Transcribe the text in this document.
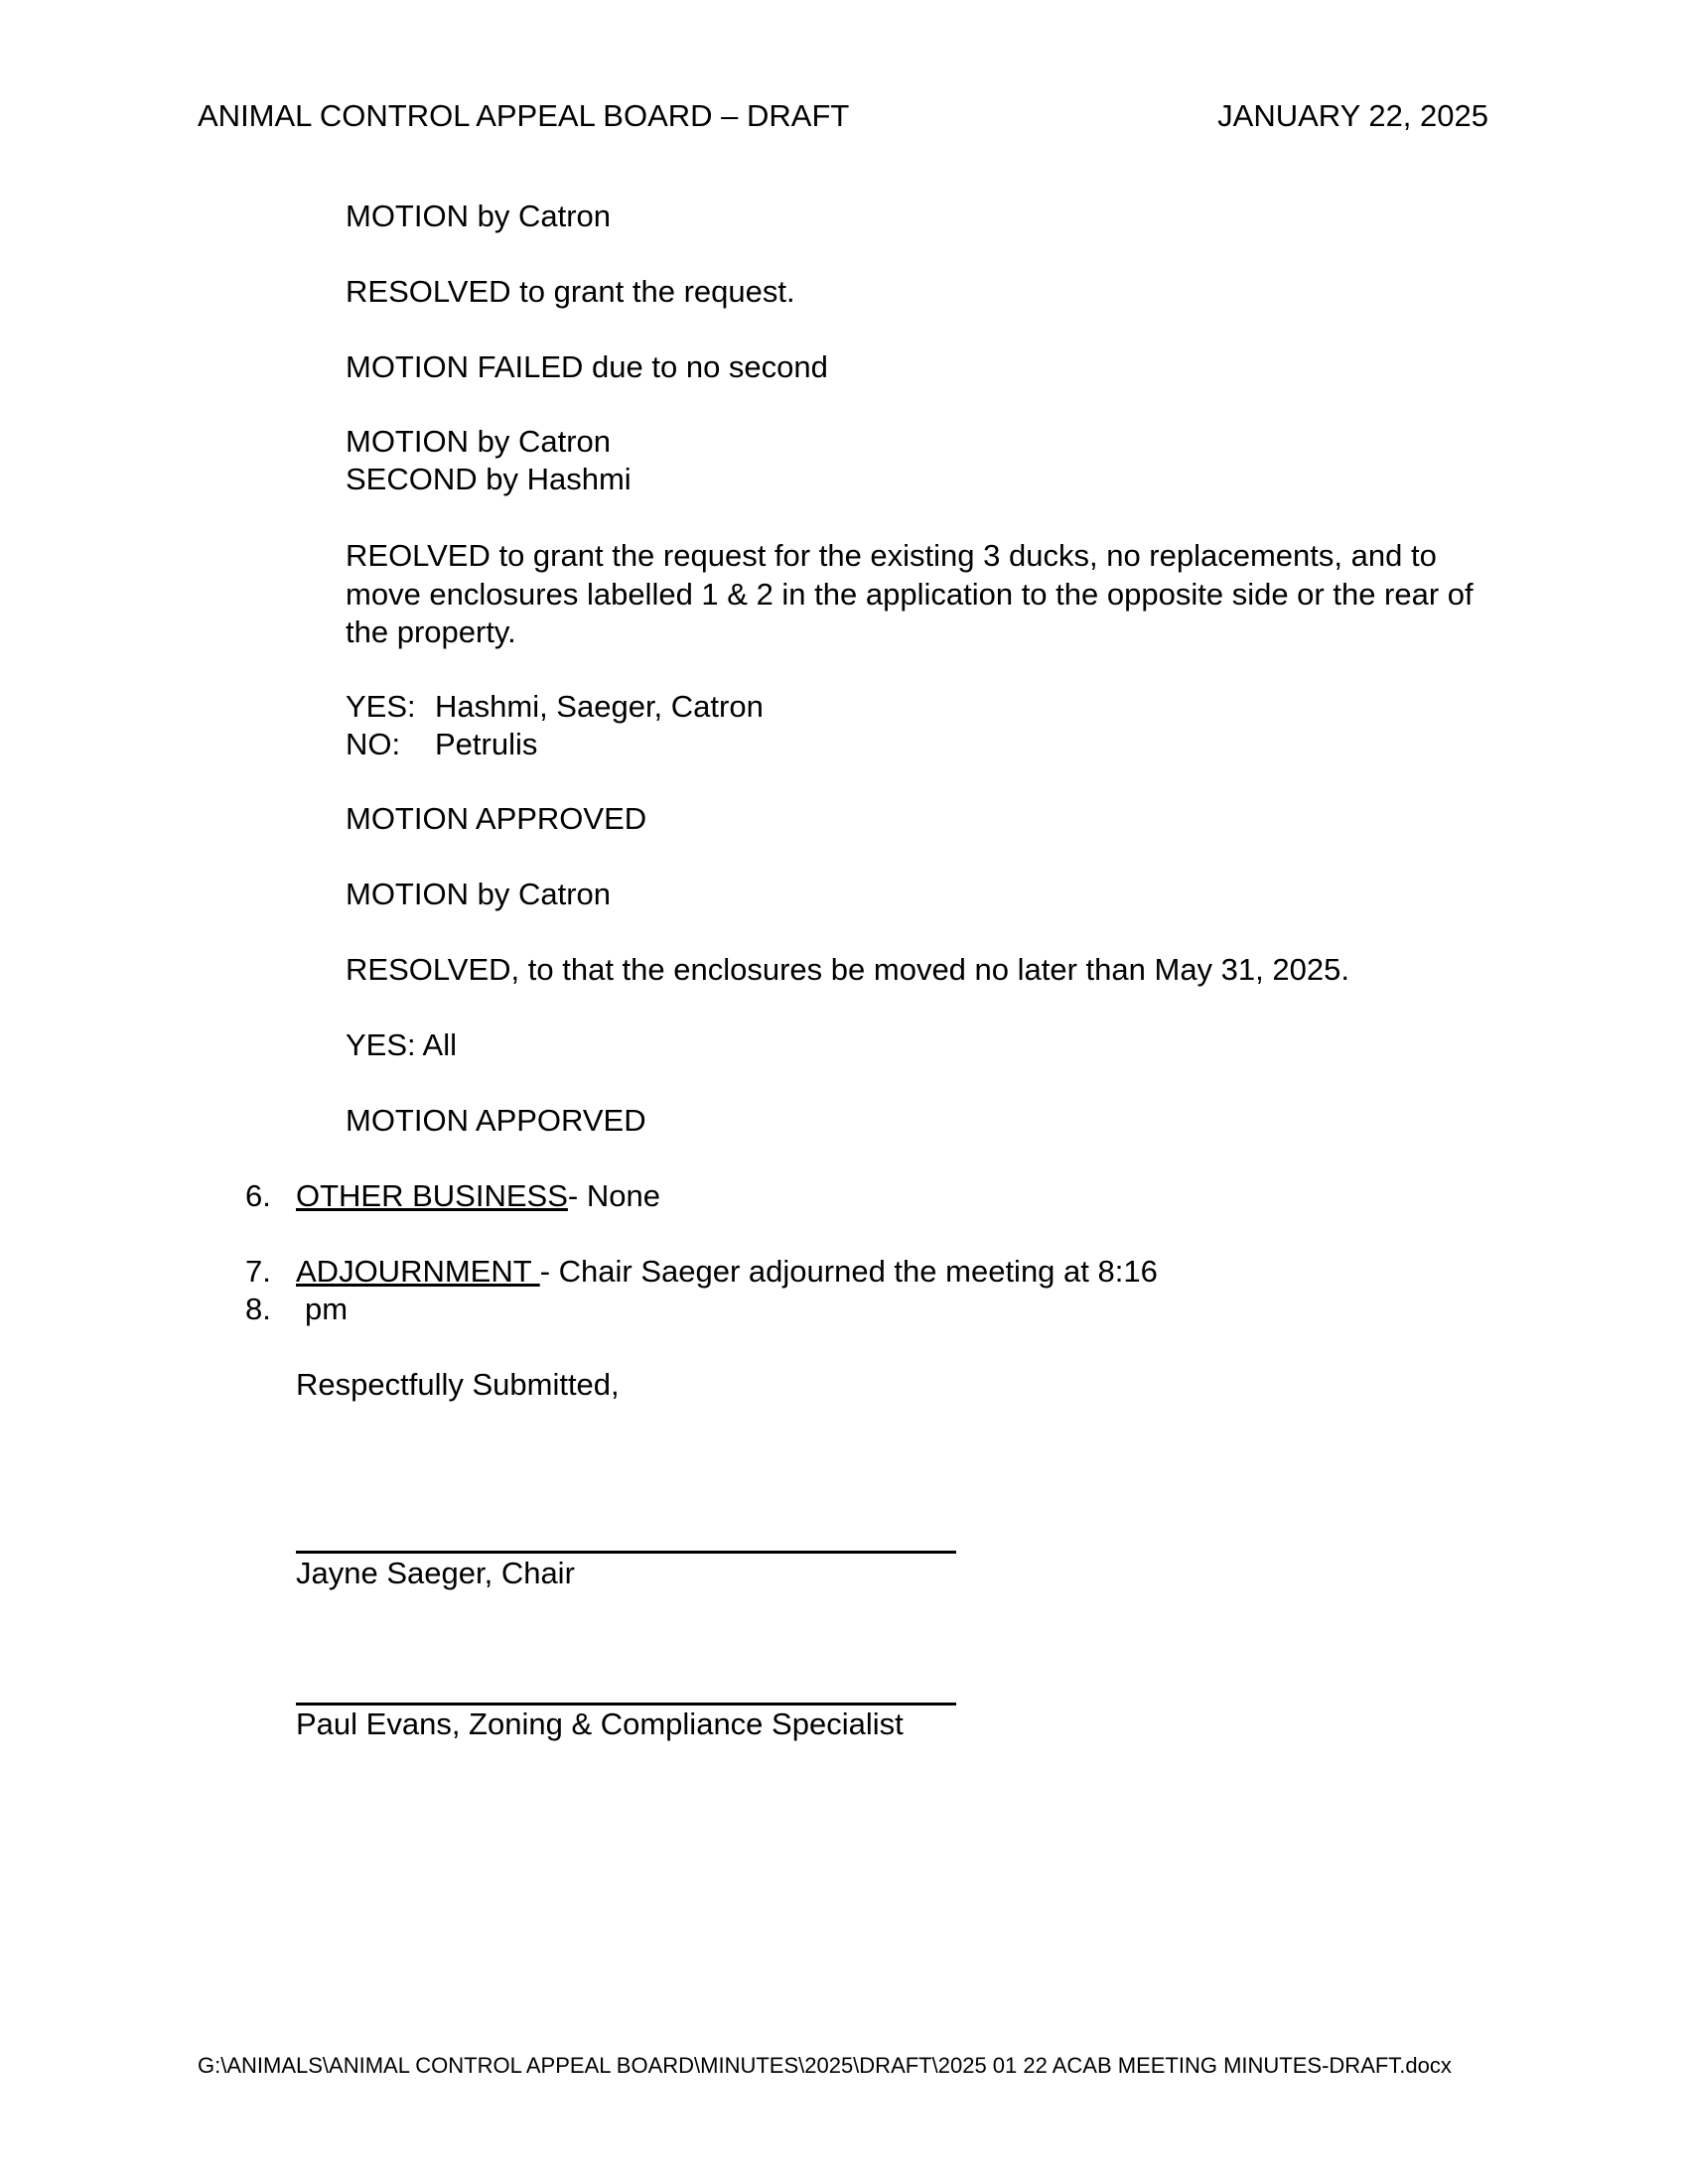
ANIMAL CONTROL APPEAL BOARD – DRAFT	JANUARY 22, 2025
MOTION by Catron
RESOLVED to grant the request.
MOTION FAILED due to no second
MOTION by Catron
SECOND by Hashmi
REOLVED to grant the request for the existing 3 ducks, no replacements, and to move enclosures labelled 1 & 2 in the application to the opposite side or the rear of the property.
YES: Hashmi, Saeger, Catron
NO: Petrulis
MOTION APPROVED
MOTION by Catron
RESOLVED, to that the enclosures be moved no later than May 31, 2025.
YES: All
MOTION APPORVED
6. OTHER BUSINESS- None
7. ADJOURNMENT - Chair Saeger adjourned the meeting at 8:16
8. pm
Respectfully Submitted,
Jayne Saeger, Chair
Paul Evans, Zoning & Compliance Specialist
G:\ANIMALS\ANIMAL CONTROL APPEAL BOARD\MINUTES\2025\DRAFT\2025 01 22 ACAB MEETING MINUTES-DRAFT.docx
